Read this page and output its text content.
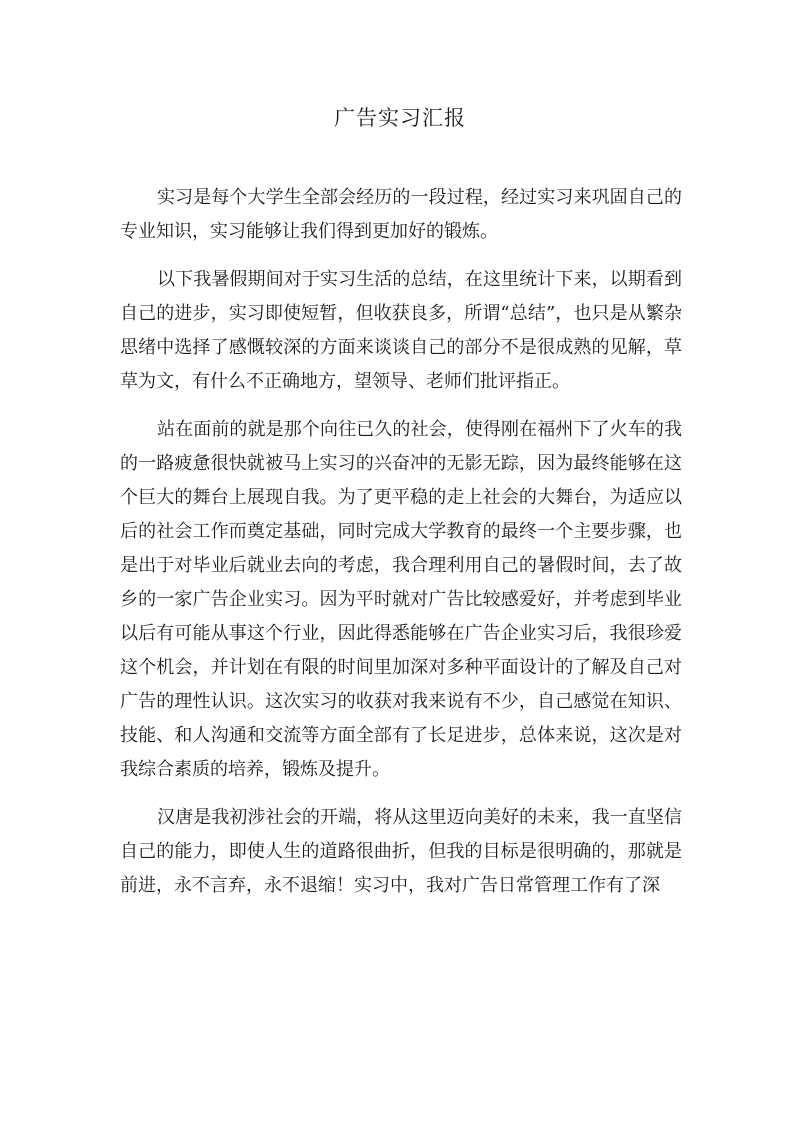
广告实习汇报

实习是每个大学生全部会经历的一段过程，经过实习来巩固自己的专业知识，实习能够让我们得到更加好的锻炼。

以下我暑假期间对于实习生活的总结，在这里统计下来，以期看到自己的进步，实习即使短暂，但收获良多，所谓“总结”，也只是从繁杂思绪中选择了感慨较深的方面来谈谈自己的部分不是很成熟的见解，草草为文，有什么不正确地方，望领导、老师们批评指正。

站在面前的就是那个向往已久的社会，使得刚在福州下了火车的我的一路疲惫很快就被马上实习的兴奋冲的无影无踪，因为最终能够在这个巨大的舞台上展现自我。为了更平稳的走上社会的大舞台，为适应以后的社会工作而奠定基础，同时完成大学教育的最终一个主要步骤，也是出于对毕业后就业去向的考虑，我合理利用自己的暑假时间，去了故乡的一家广告企业实习。因为平时就对广告比较感爱好，并考虑到毕业以后有可能从事这个行业，因此得悉能够在广告企业实习后，我很珍爱这个机会，并计划在有限的时间里加深对多种平面设计的了解及自己对广告的理性认识。这次实习的收获对我来说有不少，自己感觉在知识、技能、和人沟通和交流等方面全部有了长足进步，总体来说，这次是对我综合素质的培养，锻炼及提升。

汉唐是我初涉社会的开端，将从这里迈向美好的未来，我一直坚信自己的能力，即使人生的道路很曲折，但我的目标是很明确的，那就是前进，永不言弃，永不退缩！实习中，我对广告日常管理工作有了深
